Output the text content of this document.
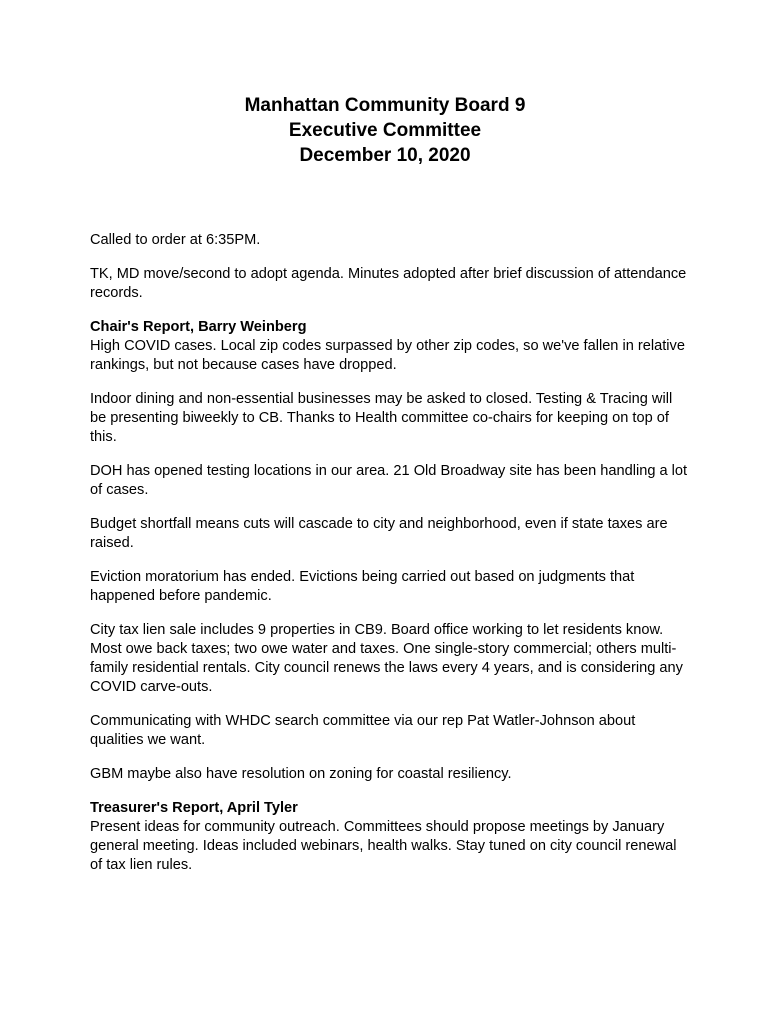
Manhattan Community Board 9
Executive Committee
December 10, 2020

Called to order at 6:35PM.

TK, MD move/second to adopt agenda. Minutes adopted after brief discussion of attendance records.

Chair's Report, Barry Weinberg
High COVID cases. Local zip codes surpassed by other zip codes, so we've fallen in relative rankings, but not because cases have dropped.

Indoor dining and non-essential businesses may be asked to closed. Testing & Tracing will be presenting biweekly to CB. Thanks to Health committee co-chairs for keeping on top of this.

DOH has opened testing locations in our area. 21 Old Broadway site has been handling a lot of cases.

Budget shortfall means cuts will cascade to city and neighborhood, even if state taxes are raised.

Eviction moratorium has ended. Evictions being carried out based on judgments that happened before pandemic.

City tax lien sale includes 9 properties in CB9. Board office working to let residents know. Most owe back taxes; two owe water and taxes. One single-story commercial; others multi-family residential rentals. City council renews the laws every 4 years, and is considering any COVID carve-outs.

Communicating with WHDC search committee via our rep Pat Watler-Johnson about qualities we want.

GBM maybe also have resolution on zoning for coastal resiliency.

Treasurer's Report, April Tyler
Present ideas for community outreach. Committees should propose meetings by January general meeting. Ideas included webinars, health walks. Stay tuned on city council renewal of tax lien rules.
